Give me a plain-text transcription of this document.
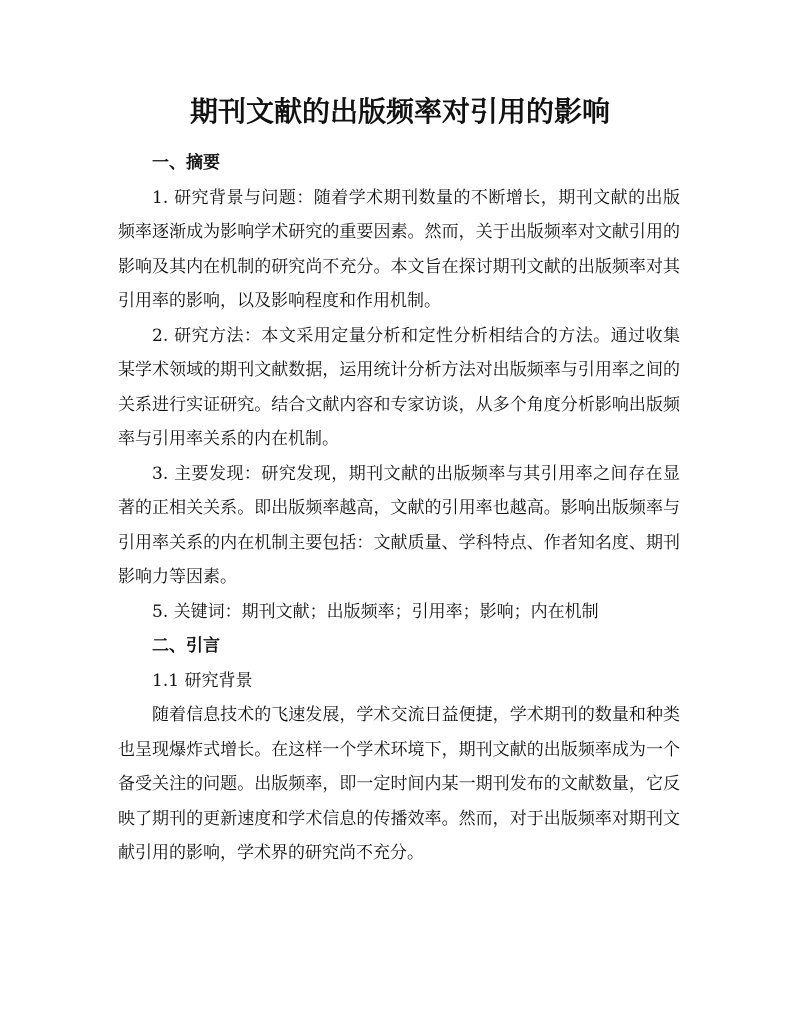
期刊文献的出版频率对引用的影响

一、摘要

1. 研究背景与问题：随着学术期刊数量的不断增长，期刊文献的出版频率逐渐成为影响学术研究的重要因素。然而，关于出版频率对文献引用的影响及其内在机制的研究尚不充分。本文旨在探讨期刊文献的出版频率对其引用率的影响，以及影响程度和作用机制。

2. 研究方法：本文采用定量分析和定性分析相结合的方法。通过收集某学术领域的期刊文献数据，运用统计分析方法对出版频率与引用率之间的关系进行实证研究。结合文献内容和专家访谈，从多个角度分析影响出版频率与引用率关系的内在机制。

3. 主要发现：研究发现，期刊文献的出版频率与其引用率之间存在显著的正相关关系。即出版频率越高，文献的引用率也越高。影响出版频率与引用率关系的内在机制主要包括：文献质量、学科特点、作者知名度、期刊影响力等因素。

5. 关键词：期刊文献；出版频率；引用率；影响；内在机制

二、引言

1.1 研究背景

随着信息技术的飞速发展，学术交流日益便捷，学术期刊的数量和种类也呈现爆炸式增长。在这样一个学术环境下，期刊文献的出版频率成为一个备受关注的问题。出版频率，即一定时间内某一期刊发布的文献数量，它反映了期刊的更新速度和学术信息的传播效率。然而，对于出版频率对期刊文献引用的影响，学术界的研究尚不充分。
